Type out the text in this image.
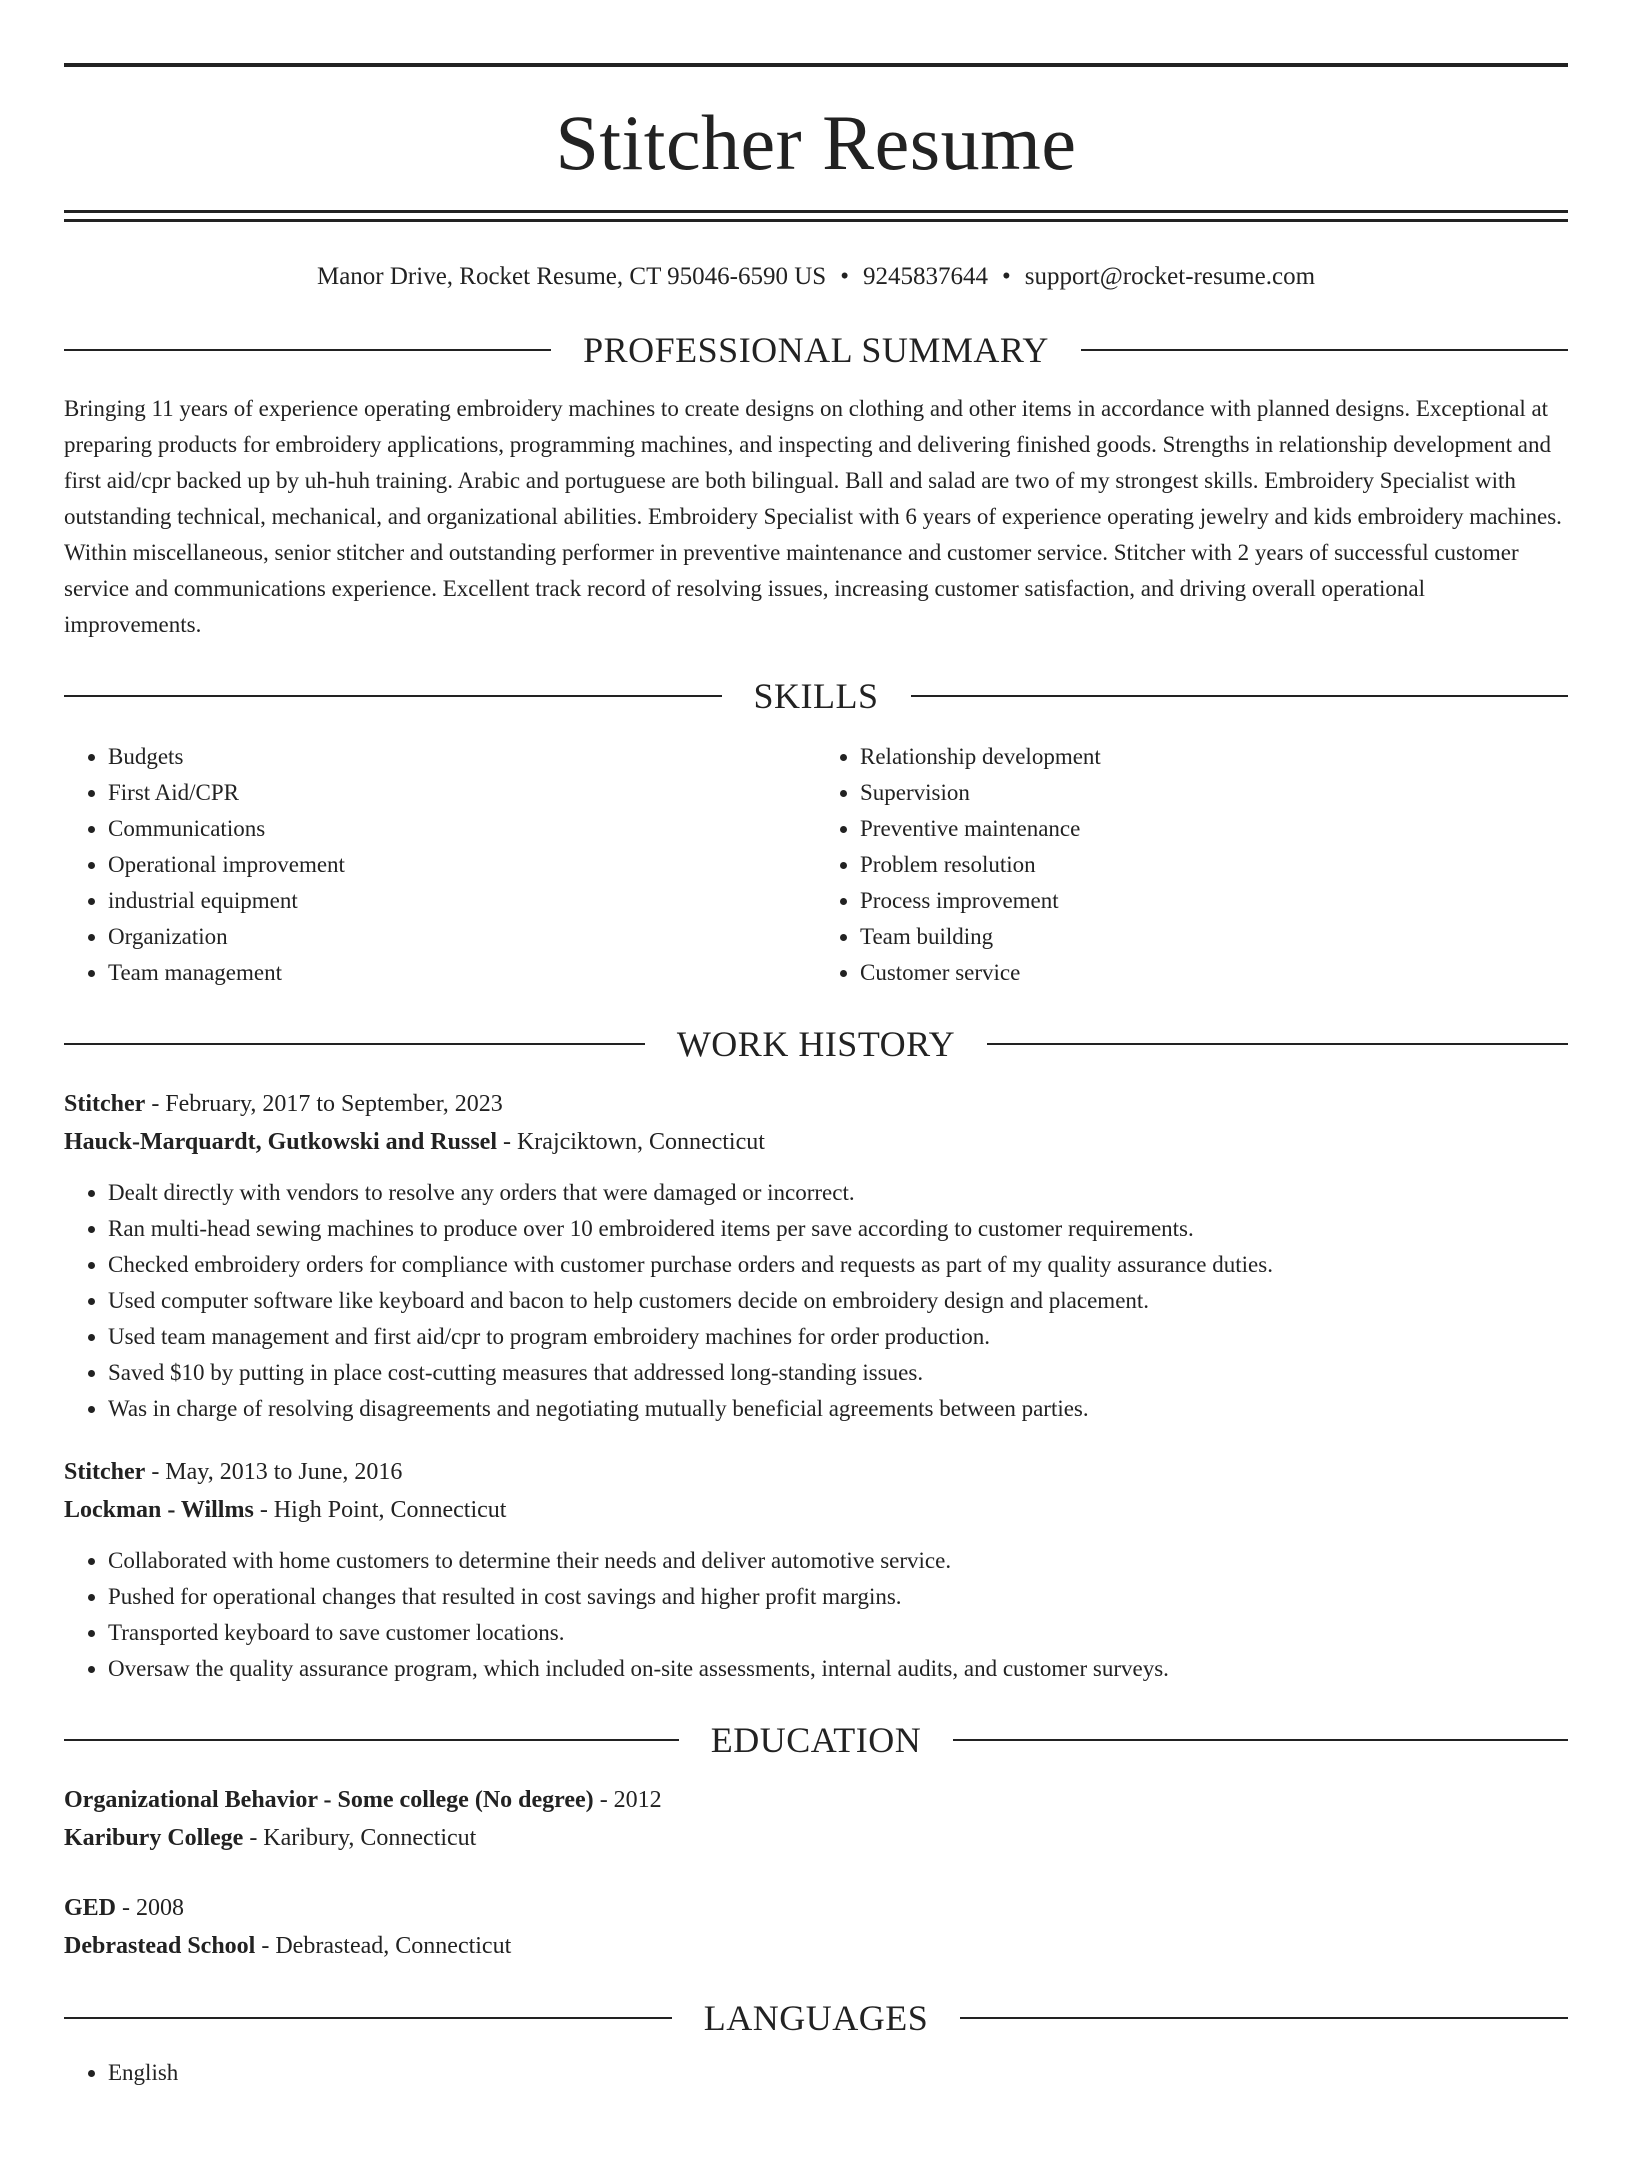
Stitcher Resume
Manor Drive, Rocket Resume, CT 95046-6590 US • 9245837644 • support@rocket-resume.com
PROFESSIONAL SUMMARY

Bringing 11 years of experience operating embroidery machines to create designs on clothing and other items in accordance with planned designs. Exceptional at preparing products for embroidery applications, programming machines, and inspecting and delivering finished goods. Strengths in relationship development and first aid/cpr backed up by uh-huh training. Arabic and portuguese are both bilingual. Ball and salad are two of my strongest skills. Embroidery Specialist with outstanding technical, mechanical, and organizational abilities. Embroidery Specialist with 6 years of experience operating jewelry and kids embroidery machines. Within miscellaneous, senior stitcher and outstanding performer in preventive maintenance and customer service. Stitcher with 2 years of successful customer service and communications experience. Excellent track record of resolving issues, increasing customer satisfaction, and driving overall operational improvements.

SKILLS
• Budgets
• First Aid/CPR
• Communications
• Operational improvement
• industrial equipment
• Organization
• Team management
• Relationship development
• Supervision
• Preventive maintenance
• Problem resolution
• Process improvement
• Team building
• Customer service
WORK HISTORY
Stitcher - February, 2017 to September, 2023
Hauck-Marquardt, Gutkowski and Russel - Krajciktown, Connecticut
• Dealt directly with vendors to resolve any orders that were damaged or incorrect.
• Ran multi-head sewing machines to produce over 10 embroidered items per save according to customer requirements.
• Checked embroidery orders for compliance with customer purchase orders and requests as part of my quality assurance duties.
• Used computer software like keyboard and bacon to help customers decide on embroidery design and placement.
• Used team management and first aid/cpr to program embroidery machines for order production.
• Saved $10 by putting in place cost-cutting measures that addressed long-standing issues.
• Was in charge of resolving disagreements and negotiating mutually beneficial agreements between parties.
Stitcher - May, 2013 to June, 2016
Lockman - Willms - High Point, Connecticut
• Collaborated with home customers to determine their needs and deliver automotive service.
• Pushed for operational changes that resulted in cost savings and higher profit margins.
• Transported keyboard to save customer locations.
• Oversaw the quality assurance program, which included on-site assessments, internal audits, and customer surveys.
EDUCATION
Organizational Behavior - Some college (No degree) - 2012
Karibury College - Karibury, Connecticut
GED - 2008
Debrastead School - Debrastead, Connecticut
LANGUAGES
• English
